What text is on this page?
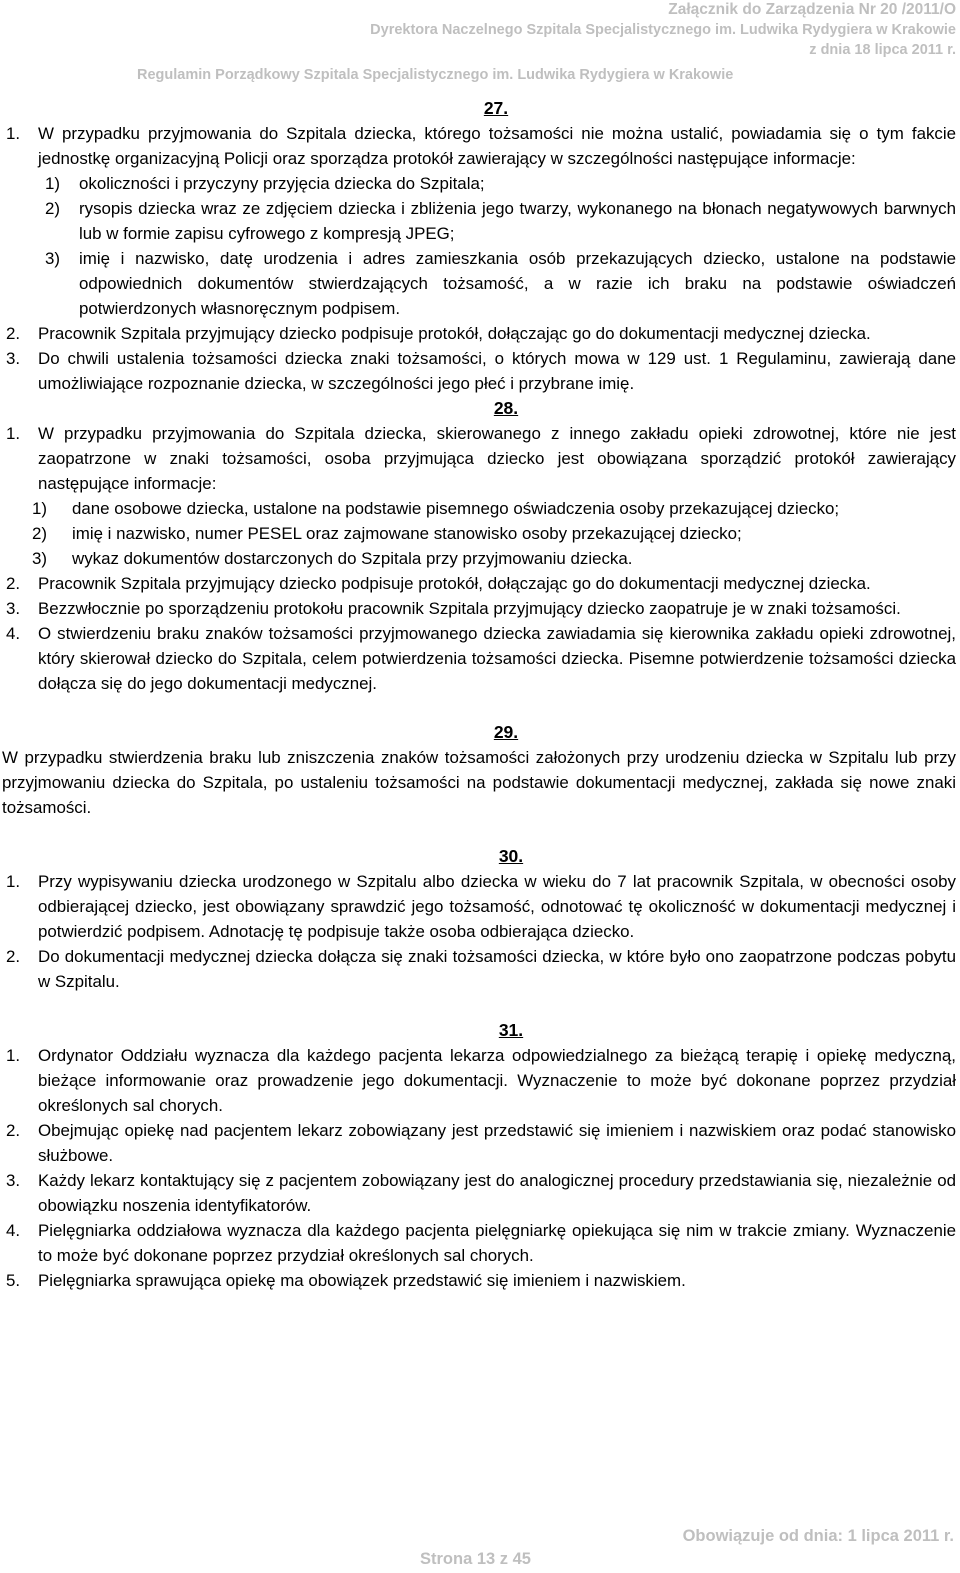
Załącznik do Zarządzenia Nr 20 /2011/O
Dyrektora Naczelnego Szpitala Specjalistycznego im. Ludwika Rydygiera w Krakowie
z dnia 18 lipca 2011 r.
Regulamin Porządkowy Szpitala Specjalistycznego im. Ludwika Rydygiera w Krakowie
27.
1.	W przypadku przyjmowania do Szpitala dziecka, którego tożsamości nie można ustalić, powiadamia się o tym fakcie jednostkę organizacyjną Policji oraz sporządza protokół zawierający w szczególności następujące informacje:
1)	okoliczności i przyczyny przyjęcia dziecka do Szpitala;
2)	rysopis dziecka wraz ze zdjęciem dziecka i zbliżenia jego twarzy, wykonanego na błonach negatywowych barwnych lub w formie zapisu cyfrowego z kompresją JPEG;
3)	imię i nazwisko, datę urodzenia i adres zamieszkania osób przekazujących dziecko, ustalone na podstawie odpowiednich dokumentów stwierdzających tożsamość, a w razie ich braku na podstawie oświadczeń potwierdzonych własnoręcznym podpisem.
2.	Pracownik Szpitala przyjmujący dziecko podpisuje protokół, dołączając go do dokumentacji medycznej dziecka.
3.	Do chwili ustalenia tożsamości dziecka znaki tożsamości, o których mowa w 129 ust. 1 Regulaminu, zawierają dane umożliwiające rozpoznanie dziecka, w szczególności jego płeć i przybrane imię.
28.
1.	W przypadku przyjmowania do Szpitala dziecka, skierowanego z innego zakładu opieki zdrowotnej, które nie jest zaopatrzone w znaki tożsamości, osoba przyjmująca dziecko jest obowiązana sporządzić protokół zawierający następujące informacje:
1)	dane osobowe dziecka, ustalone na podstawie pisemnego oświadczenia osoby przekazującej dziecko;
2)	imię i nazwisko, numer PESEL oraz zajmowane stanowisko osoby przekazującej dziecko;
3)	wykaz dokumentów dostarczonych do Szpitala przy przyjmowaniu dziecka.
2.	Pracownik Szpitala przyjmujący dziecko podpisuje protokół, dołączając go do dokumentacji medycznej dziecka.
3.	Bezzwłocznie po sporządzeniu protokołu pracownik Szpitala przyjmujący dziecko zaopatruje je w znaki tożsamości.
4.	O stwierdzeniu braku znaków tożsamości przyjmowanego dziecka zawiadamia się kierownika zakładu opieki zdrowotnej, który skierował dziecko do Szpitala, celem potwierdzenia tożsamości dziecka. Pisemne potwierdzenie tożsamości dziecka dołącza się do jego dokumentacji medycznej.
29.
W przypadku stwierdzenia braku lub zniszczenia znaków tożsamości założonych przy urodzeniu dziecka w Szpitalu lub przy przyjmowaniu dziecka do Szpitala, po ustaleniu tożsamości na podstawie dokumentacji medycznej, zakłada się nowe znaki tożsamości.
30.
1.	Przy wypisywaniu dziecka urodzonego w Szpitalu albo dziecka w wieku do 7 lat pracownik Szpitala, w obecności osoby odbierającej dziecko, jest obowiązany sprawdzić jego tożsamość, odnotować tę okoliczność w dokumentacji medycznej i potwierdzić podpisem. Adnotację tę podpisuje także osoba odbierająca dziecko.
2.	Do dokumentacji medycznej dziecka dołącza się znaki tożsamości dziecka, w które było ono zaopatrzone podczas pobytu w Szpitalu.
31.
1.	Ordynator Oddziału wyznacza dla każdego pacjenta lekarza odpowiedzialnego za bieżącą terapię i opiekę medyczną, bieżące informowanie oraz prowadzenie jego dokumentacji. Wyznaczenie to może być dokonane poprzez przydział określonych sal chorych.
2.	Obejmując opiekę nad pacjentem lekarz zobowiązany jest przedstawić się imieniem i nazwiskiem oraz podać stanowisko służbowe.
3.	Każdy lekarz kontaktujący się z pacjentem zobowiązany jest do analogicznej procedury przedstawiania się, niezależnie od obowiązku noszenia identyfikatorów.
4.	Pielęgniarka oddziałowa wyznacza dla każdego pacjenta pielęgniarkę opiekująca się nim w trakcie zmiany. Wyznaczenie to może być dokonane poprzez przydział określonych sal chorych.
5.	Pielęgniarka sprawująca opiekę ma obowiązek przedstawić się imieniem i nazwiskiem.
Obowiązuje od dnia: 1 lipca 2011 r.
Strona 13 z 45
